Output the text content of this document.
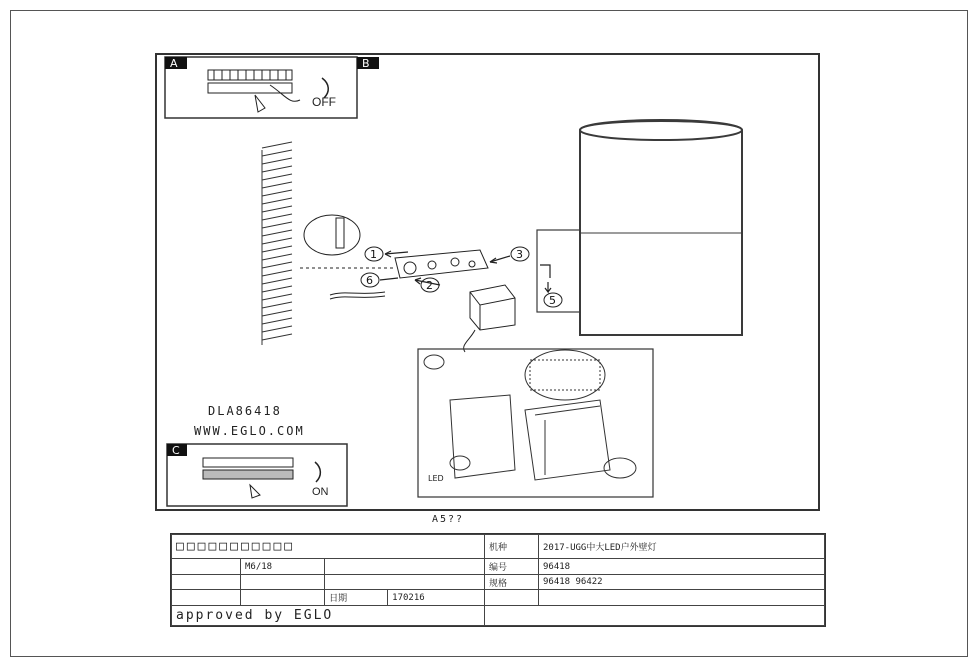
A	B
OFF
1
2
3
5
6
LED
C
ON
DLA86418
WWW.EGLO.COM
A5??
□□□□□□□□□□□				机种	2017-UGG中大LED户外壁灯
	M6/18			编号	96418
				规格	96418 96422
		日期	170216		
approved by EGLO					
